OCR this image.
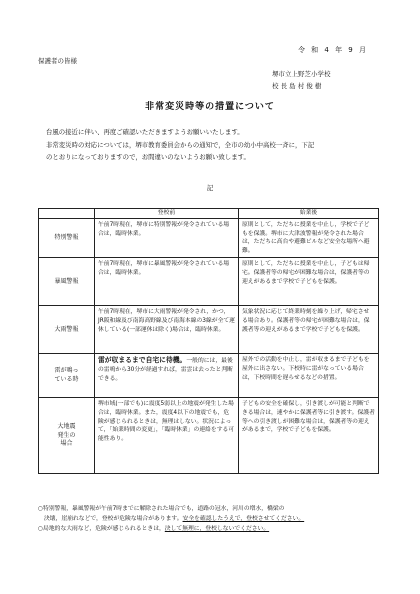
令 和 4 年 9 月
保護者の皆様
堺市立上野芝小学校
校 長 島 村 俊 樹
非常変災時等の措置について

台風の接近に伴い、再度ご確認いただきますようお願いいたします。

非常変災時の対応については，堺市教育委員会からの通知で，全市の幼小中高校一斉に，下記

のとおりになっておりますので，お間違いのないようお願い致します。

記
	登校前	始業後
特別警報	午前7時現在，堺市に特別警報が発令されている場合は，臨時休業。	原則として，ただちに授業を中止し，学校で子どもを保護。堺市に大津波警報が発令された場合は，ただちに高台や避難ビルなど安全な場所へ避難。
暴風警報	午前7時現在，堺市に暴風警報が発令されている場合は，臨時休業。	原則として，ただちに授業を中止し，子どもは帰宅。保護者等の帰宅が困難な場合は，保護者等の迎えがあるまで学校で子どもを保護。
大雨警報	午前7時現在，堺市に大雨警報が発令され，かつ，JR阪和線及び南海高野線及び南海本線の3線が全て運休している(一部運休は除く)場合は，臨時休業。	気象状況に応じて終業時刻を繰り上げ，帰宅させる場合あり。保護者等の帰宅が困難な場合は，保護者等の迎えがあるまで学校で子どもを保護。

雷が鳴っ
ている時	雷が収まるまで自宅に待機。一般的には，最後の雷鳴から30分が経過すれば，雷雲は去ったと判断できる。	屋外での活動を中止し，雷が収まるまで子どもを屋外に出さない。下校時に雷がなっている場合は，下校時間を遅らせるなどの措置。

大地震
発生の
場合	堺市域(一部でも)に震度5弱以上の地震が発生した場合は，臨時休業。また，震度4以下の地震でも，危険が感じられるときは，無理はしない。状況によって，「始業時間の変更」，「臨時休業」の連絡をする可能性あり。	子どもの安全を確保し，引き渡しが可能と判断できる場合は，速やかに保護者等に引き渡す。保護者等への引き渡しが困難な場合は，保護者等の迎えがあるまで，学校で子どもを保護。

○特別警報，暴風警報が午前7時までに解除された場合でも，道路の冠水，河川の増水，橋梁の

決壊，崖崩れなどで，登校が危険な場合があります。安全を確認したうえで，登校させてください。

○局地的な大雨など，危険が感じられるときは，決して無理に，登校しないでください。
